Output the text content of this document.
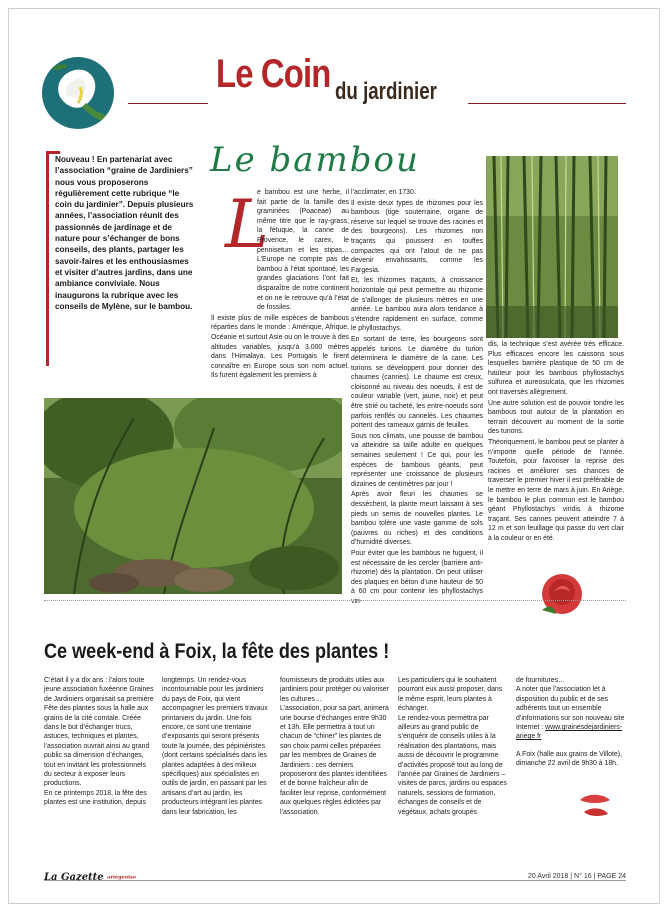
Le Coin du jardinier
Le bambou

Nouveau ! En partenariat avec l’association “graine de Jardiniers” nous vous proposerons régulièrement cette rubrique “le coin du jardinier”. Depuis plusieurs années, l’association réunit des passionnés de jardinage et de nature pour s’échanger de bons conseils, des plants, partager les savoir-faires et les enthousiasmes et visiter d’autres jardins, dans une ambiance conviviale. Nous inaugurons la rubrique avec les conseils de Mylène, sur le bambou.

L

e bambou est une herbe, il fait partie de la famille des graminées (Poaceae) au même titre que le ray-grass, la fétuque, la canne de Provence, le carex, le pennisetum et les stipas… L’Europe ne compte pas de bambou à l’état spontané, les grandes glaciations l’ont fait disparaître de notre continent et on ne le retrouve qu’à l’état de fossiles.

Il existe plus de mille espèces de bambous réparties dans le monde : Amérique, Afrique, Océanie et surtout Asie ou on le trouve à des altitudes variables, jusqu’à 3.000 mètres dans l’Himalaya. Les Portugais le firent connaître en Europe sous son nom actuel. Ils furent également les premiers à

l’acclimater, en 1730.

Il existe deux types de rhizomes pour les bambous (tige souterraine, organe de réserve sur lequel se trouve des racines et des bourgeons). Les rhizomes non traçants qui poussent en touffes compactes qui ont l’atout de ne pas devenir envahissants, comme les Fargesia.

Et, les rhizomes traçants, à croissance horizontale qui peut permettre au rhizome de s’allonger de plusieurs mètres en une année. Le bambou aura alors tendance à s’étendre rapidement en surface, comme le phyllostachys.

En sortant de terre, les bourgeons sont appelés turions. Le diamètre du turion déterminera le diamètre de la cane. Les turions se développent pour donner des chaumes (cannes). Le chaume est creux, cloisonné au niveau des noeuds, il est de couleur variable (vert, jaune, noir) et peut être strié ou tacheté, les entre-noeuds sont parfois renflés ou cannelés. Les chaumes portent des rameaux garnis de feuilles.

Sous nos climats, une pousse de bambou va atteindre sa taille adulte en quelques semaines seulement ! Ce qui, pour les espèces de bambous géants, peut représenter une croissance de plusieurs dizaines de centimètres par jour !

Après avoir fleuri les chaumes se dessèchent, la plante meurt laissant à ses pieds un semis de nouvelles plantes. Le bambou tolère une vaste gamme de sols (pauvres ou riches) et des conditions d’humidité diverses.

Pour éviter que les bambous ne fuguent, il est nécessaire de les cercler (barrière anti-rhizome) dès la plantation. On peut utiliser des plaques en béton d’une hauteur de 50 à 60 cm pour contenir les phyllostachys viri-

dis, la technique s’est avérée très efficace. Plus efficaces encore les caissons sous lesquelles barrière plastique de 50 cm de hauteur pour les bambous phyllostachys sulfurea et aureosulcata, que les rhizomes ont traversés allègrement.

Une autre solution est de pouvoir tondre les bambous tout autour de la plantation en terrain découvert au moment de la sortie des turions.

Théoriquement, le bambou peut se planter à n’importe quelle période de l’année. Toutefois, pour favoriser la reprise des racines et améliorer ses chances de traverser le premier hiver il est préférable de le mettre en terre de mars à juin. En Ariège, le bambou le plus commun est le bambou géant Phyllostachys viridis à rhizome traçant. Ses cannes peuvent atteindre 7 à 12 m et son feuillage qui passe du vert clair à la couleur or en été.

Ce week-end à Foix, la fête des plantes !

C’était il y a dix ans : l’alors toute jeune association fuxéenne Graines de Jardiniers organisait sa première Fête des plantes sous la halle aux grains de la cité comtale. Créée dans le but d’échanger trucs, astuces, techniques et plantes, l’association ouvrait ainsi au grand public sa dimension d’échanges, tout en invitant les professionnels du secteur à exposer leurs productions.

En ce printemps 2018, la fête des plantes est une institution, depuis

longtemps. Un rendez-vous incontournable pour les jardiniers du pays de Foix, qui vient accompagner les premiers travaux printaniers du jardin. Une fois encore, ce sont une trentaine d’exposants qui seront présents toute la journée, des pépiniéristes (dont certains spécialisés dans les plantes adaptées à des milieux spécifiques) aux spécialistes en outils de jardin, en passant par les artisans d’art au jardin, les producteurs intégrant les plantes dans leur fabrication, les

fournisseurs de produits utiles aux jardiniers pour protéger ou valoriser les cultures…

L’association, pour sa part, animera une bourse d’échanges entre 9h30 et 13h. Elle permettra à tout un chacun de “chiner” les plantes de son choix parmi celles préparées par les membres de Graines de Jardiniers : ces derniers proposeront des plantes identifiées et de bonne fraîcheur afin de faciliter leur reprise, conformément aux quelques règles édictées par l’association.

Les particuliers qui le souhaitent pourront eux aussi proposer, dans le même esprit, leurs plantes à échanger.

Le rendez-vous permettra par ailleurs au grand public de s’enquérir de conseils utiles à la réalisation des plantations, mais aussi de découvrir le programme d’activités proposé tout au long de l’année par Graines de Jardiniers – visites de parcs, jardins ou espaces naturels, sessions de formation, échanges de conseils et de végétaux, achats groupés

de fournitures…

A noter que l’association let à disposition du public et de ses adhérents tout un ensemble d’informations sur son nouveau site Internet : www.grainesdejardiniers-ariege.fr

A Foix (halle aux grains de Villote), dimanche 22 avril de 9h30 à 18h.

La Gazette ariégeoise	20 Avril 2018 | N° 16 | PAGE 24
